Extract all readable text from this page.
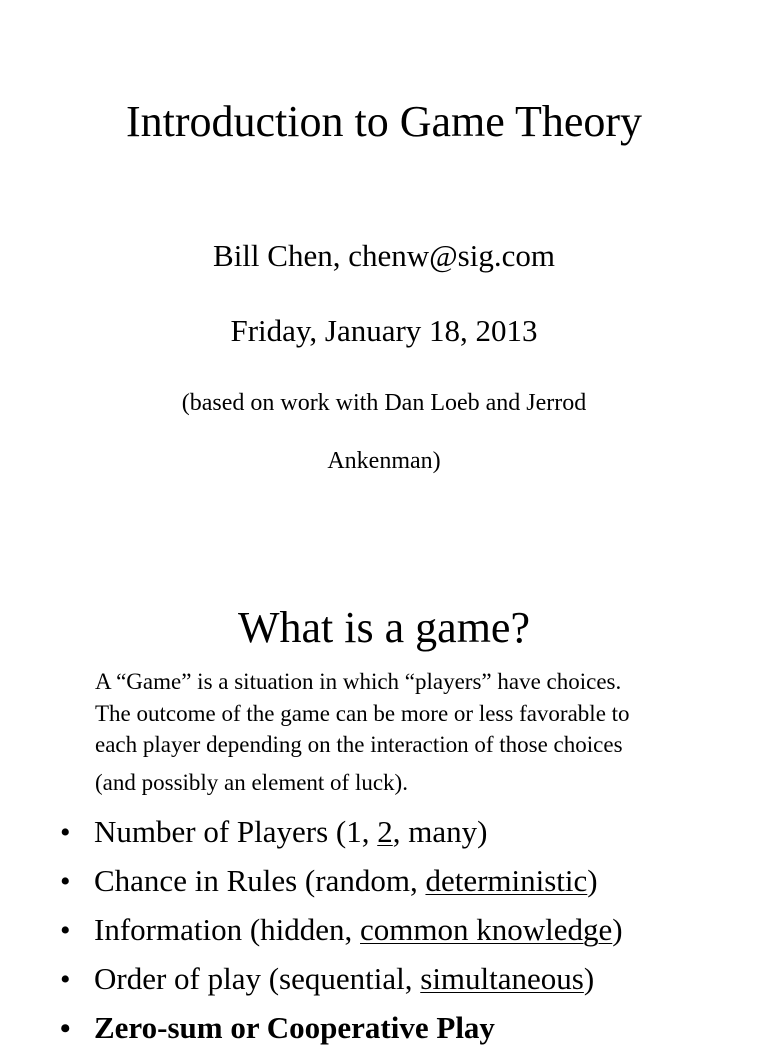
Introduction to Game Theory
Bill Chen, chenw@sig.com
Friday, January 18, 2013
(based on work with Dan Loeb and Jerrod
Ankenman)
What is a game?
A “Game” is a situation in which “players” have choices.
The outcome of the game can be more or less favorable to
each player depending on the interaction of those choices
(and possibly an element of luck).
• Number of Players (1, 2, many)
• Chance in Rules (random, deterministic)
• Information (hidden, common knowledge)
• Order of play (sequential, simultaneous)
• Zero-sum or Cooperative Play
